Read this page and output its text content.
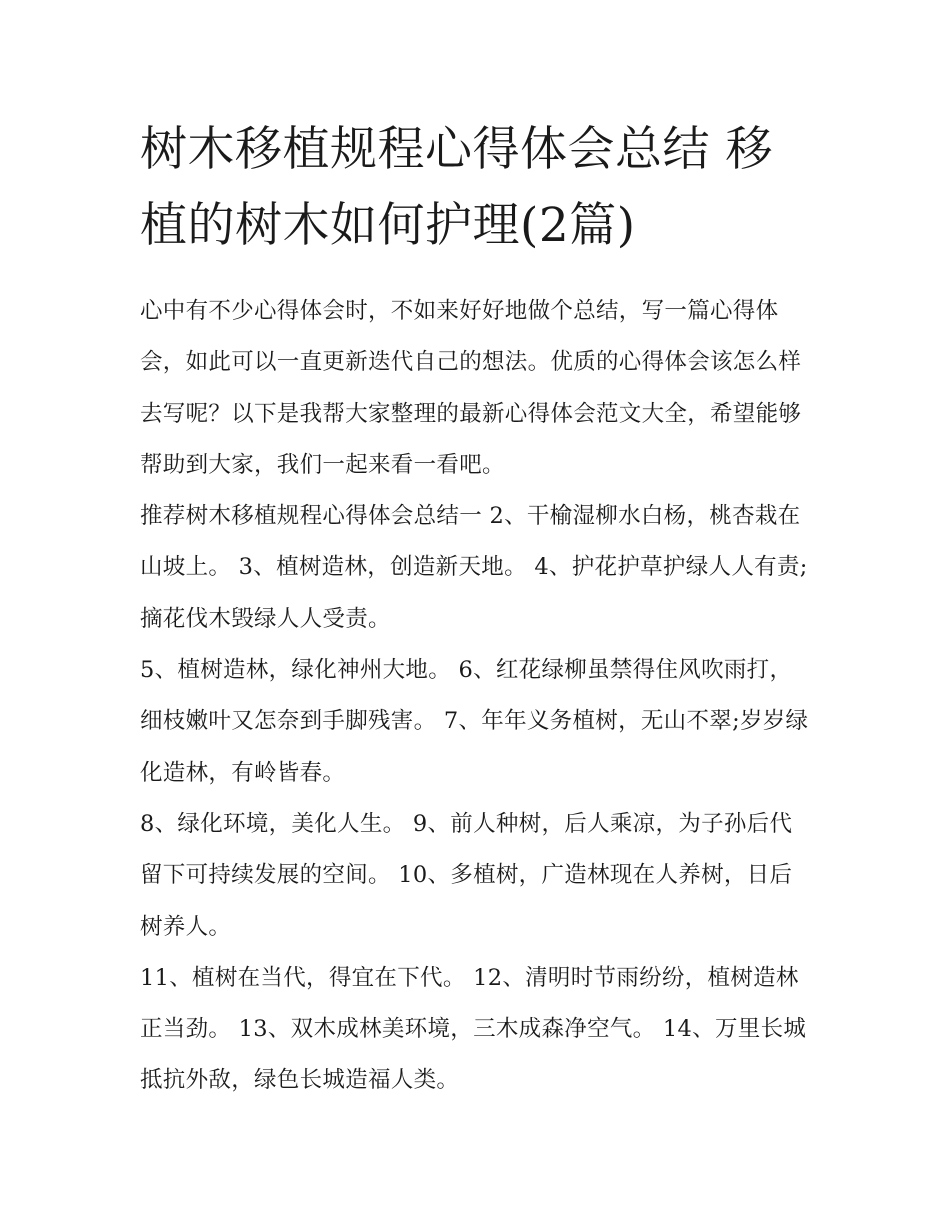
树木移植规程心得体会总结 移植的树木如何护理(2篇)

心中有不少心得体会时，不如来好好地做个总结，写一篇心得体会，如此可以一直更新迭代自己的想法。优质的心得体会该怎么样去写呢？以下是我帮大家整理的最新心得体会范文大全，希望能够帮助到大家，我们一起来看一看吧。

推荐树木移植规程心得体会总结一 2、干榆湿柳水白杨，桃杏栽在山坡上。 3、植树造林，创造新天地。 4、护花护草护绿人人有责;摘花伐木毁绿人人受责。

5、植树造林，绿化神州大地。 6、红花绿柳虽禁得住风吹雨打，细枝嫩叶又怎奈到手脚残害。 7、年年义务植树，无山不翠;岁岁绿化造林，有岭皆春。

8、绿化环境，美化人生。 9、前人种树，后人乘凉，为子孙后代留下可持续发展的空间。 10、多植树，广造林现在人养树，日后树养人。

11、植树在当代，得宜在下代。 12、清明时节雨纷纷，植树造林正当劲。 13、双木成林美环境，三木成森净空气。 14、万里长城抵抗外敌，绿色长城造福人类。
